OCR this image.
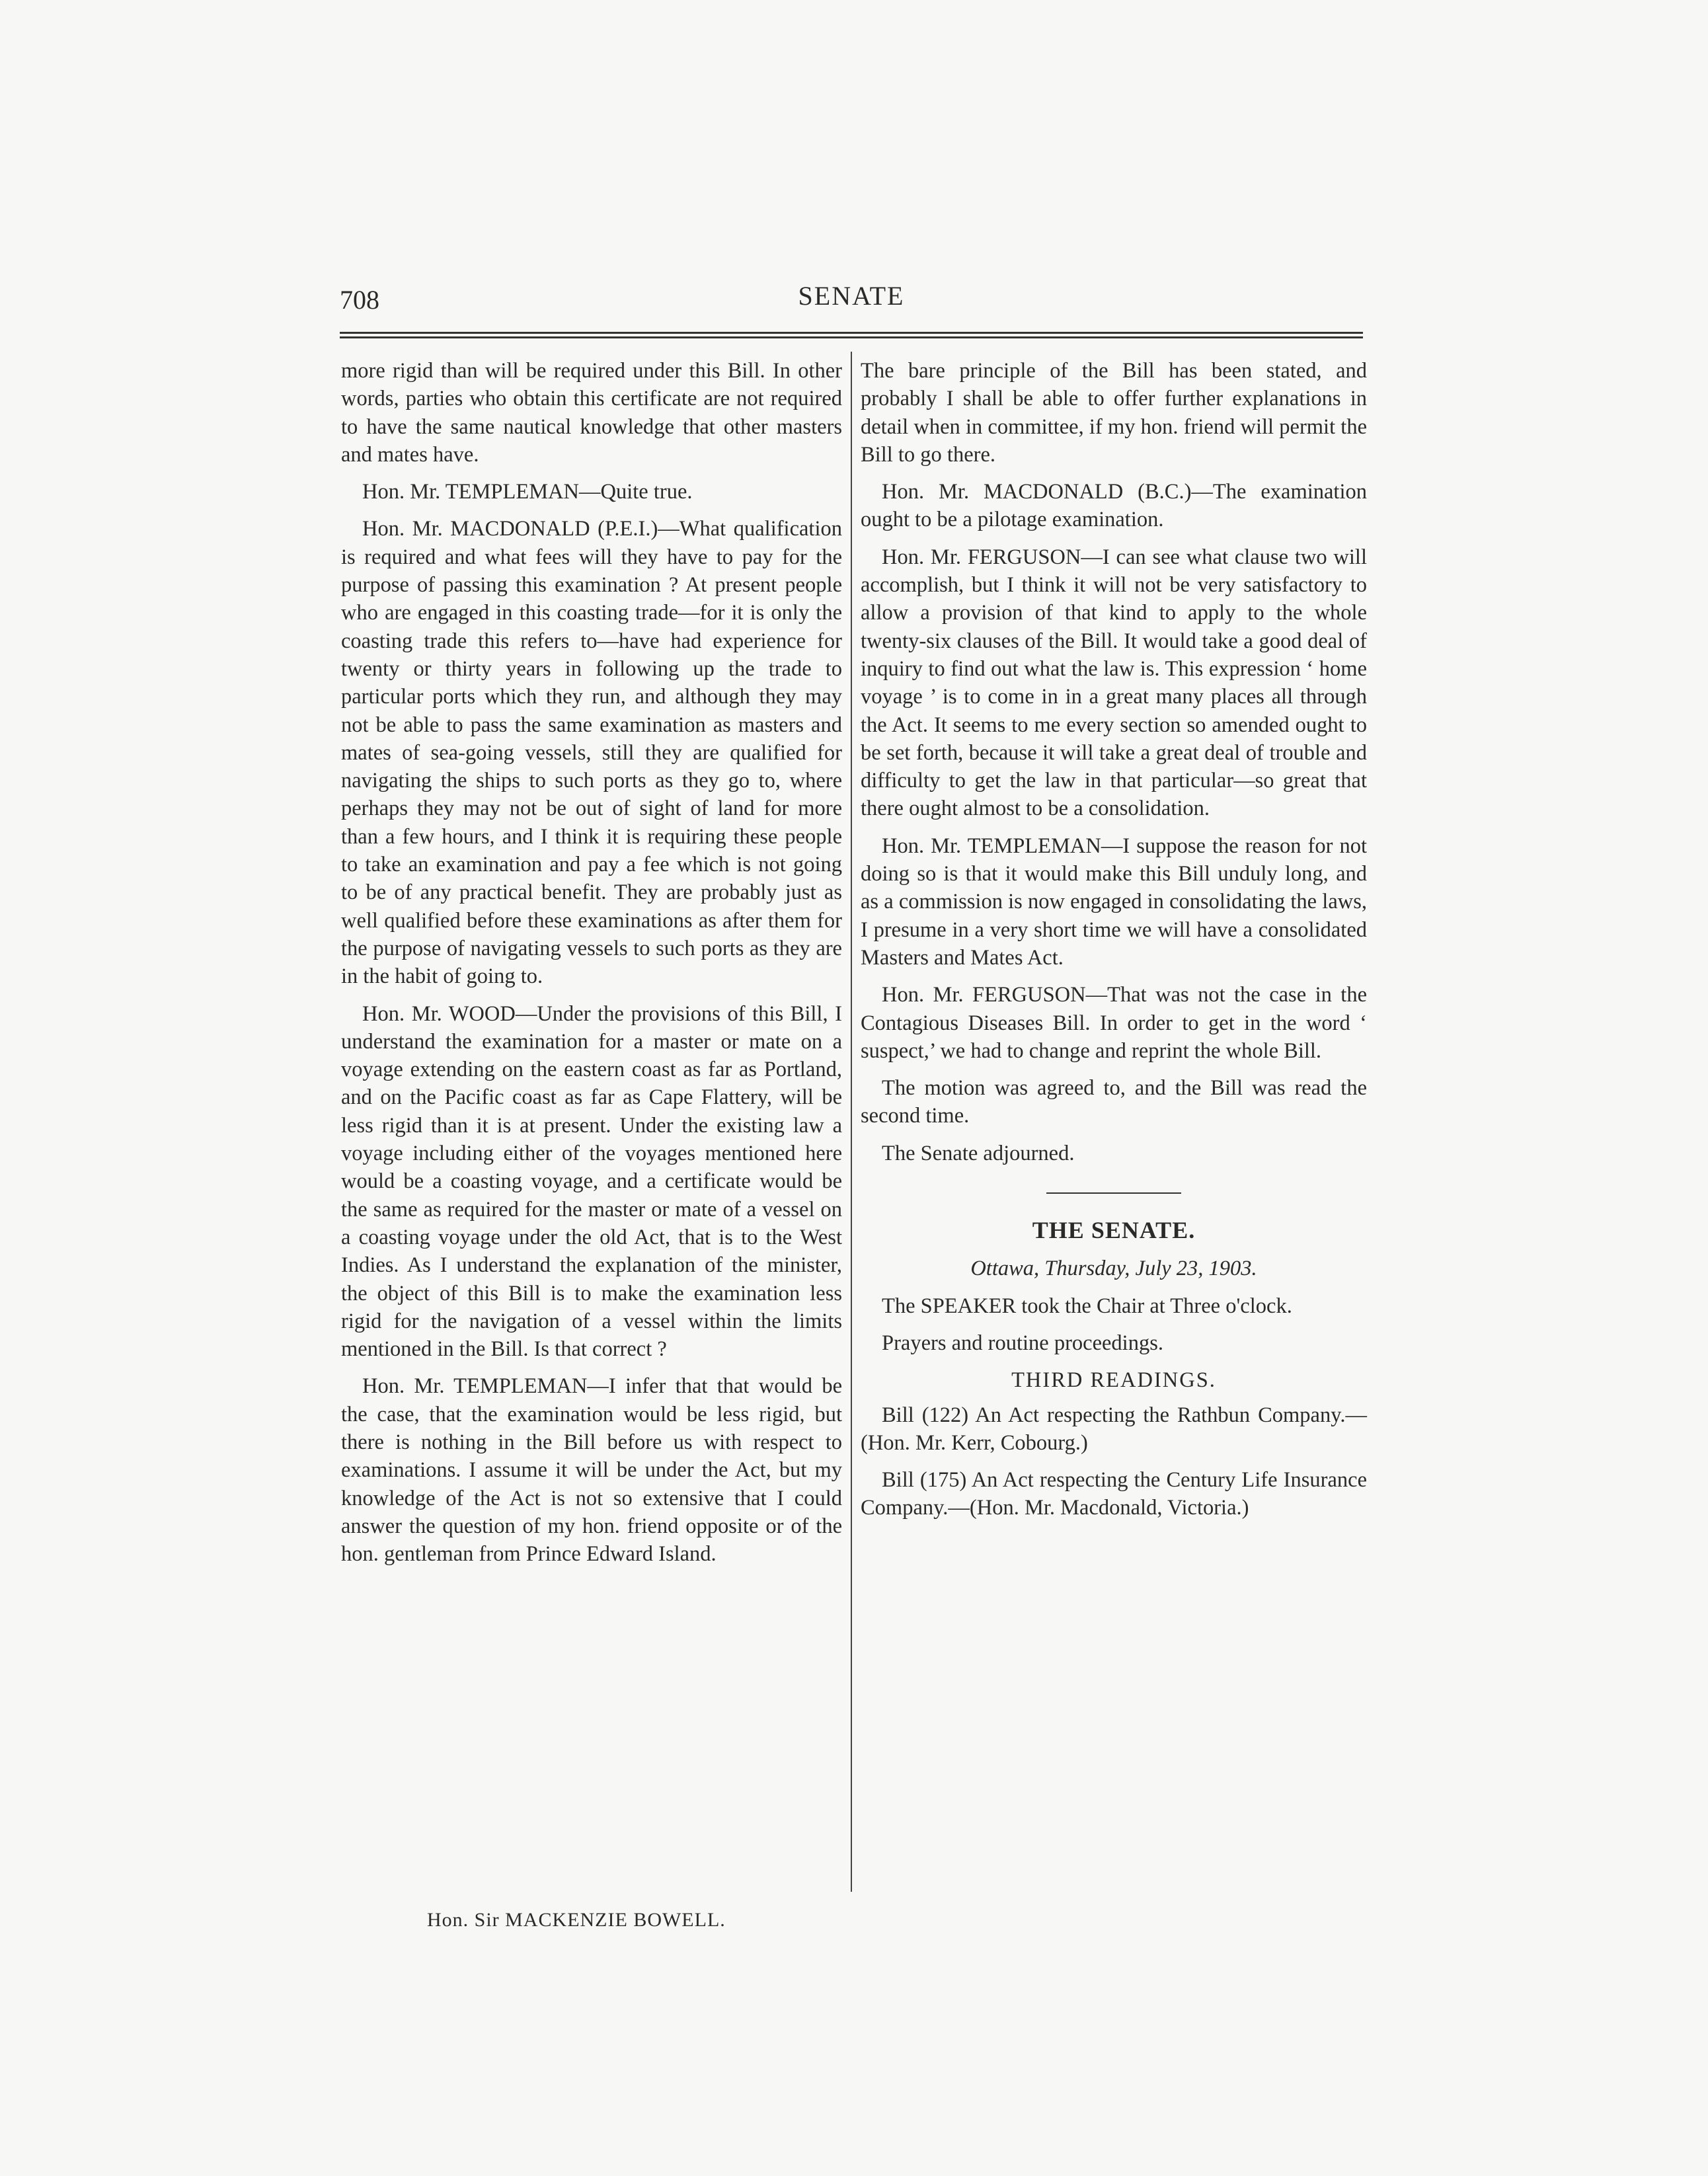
708	SENATE

more rigid than will be required under this Bill. In other words, parties who obtain this certificate are not required to have the same nautical knowledge that other masters and mates have.

Hon. Mr. TEMPLEMAN—Quite true.

Hon. Mr. MACDONALD (P.E.I.)—What qualification is required and what fees will they have to pay for the purpose of passing this examination ? At present people who are engaged in this coasting trade—for it is only the coasting trade this refers to—have had experience for twenty or thirty years in following up the trade to particular ports which they run, and although they may not be able to pass the same examination as masters and mates of sea-going vessels, still they are qualified for navigating the ships to such ports as they go to, where perhaps they may not be out of sight of land for more than a few hours, and I think it is requiring these people to take an examination and pay a fee which is not going to be of any practical benefit. They are probably just as well qualified before these examinations as after them for the purpose of navigating vessels to such ports as they are in the habit of going to.

Hon. Mr. WOOD—Under the provisions of this Bill, I understand the examination for a master or mate on a voyage extending on the eastern coast as far as Portland, and on the Pacific coast as far as Cape Flattery, will be less rigid than it is at present. Under the existing law a voyage including either of the voyages mentioned here would be a coasting voyage, and a certificate would be the same as required for the master or mate of a vessel on a coasting voyage under the old Act, that is to the West Indies. As I understand the explanation of the minister, the object of this Bill is to make the examination less rigid for the navigation of a vessel within the limits mentioned in the Bill. Is that correct ?

Hon. Mr. TEMPLEMAN—I infer that that would be the case, that the examination would be less rigid, but there is nothing in the Bill before us with respect to examinations. I assume it will be under the Act, but my knowledge of the Act is not so extensive that I could answer the question of my hon. friend opposite or of the hon. gentleman from Prince Edward Island.

The bare principle of the Bill has been stated, and probably I shall be able to offer further explanations in detail when in committee, if my hon. friend will permit the Bill to go there.

Hon. Mr. MACDONALD (B.C.)—The examination ought to be a pilotage examination.

Hon. Mr. FERGUSON—I can see what clause two will accomplish, but I think it will not be very satisfactory to allow a provision of that kind to apply to the whole twenty-six clauses of the Bill. It would take a good deal of inquiry to find out what the law is. This expression ‘ home voyage ’ is to come in in a great many places all through the Act. It seems to me every section so amended ought to be set forth, because it will take a great deal of trouble and difficulty to get the law in that particular—so great that there ought almost to be a consolidation.

Hon. Mr. TEMPLEMAN—I suppose the reason for not doing so is that it would make this Bill unduly long, and as a commission is now engaged in consolidating the laws, I presume in a very short time we will have a consolidated Masters and Mates Act.

Hon. Mr. FERGUSON—That was not the case in the Contagious Diseases Bill. In order to get in the word ‘ suspect,’ we had to change and reprint the whole Bill.

The motion was agreed to, and the Bill was read the second time.

The Senate adjourned.

THE SENATE.
Ottawa, Thursday, July 23, 1903.

The SPEAKER took the Chair at Three o'clock.

Prayers and routine proceedings.

THIRD READINGS.

Bill (122) An Act respecting the Rathbun Company.—(Hon. Mr. Kerr, Cobourg.)

Bill (175) An Act respecting the Century Life Insurance Company.—(Hon. Mr. Macdonald, Victoria.)

Hon. Sir MACKENZIE BOWELL.
